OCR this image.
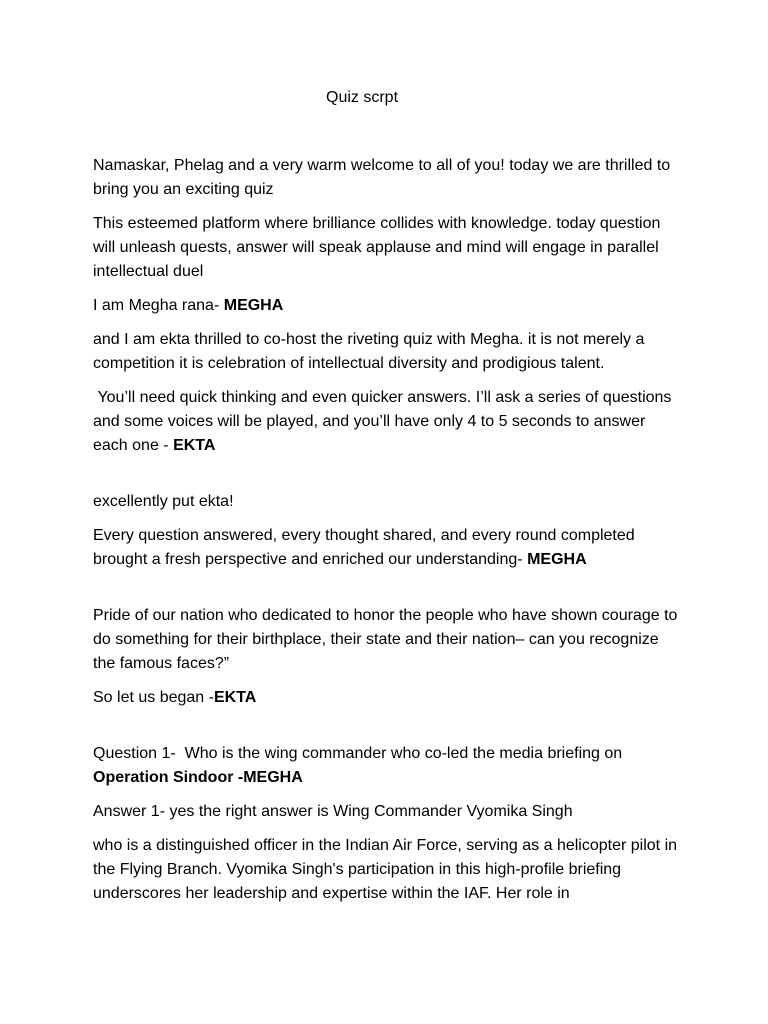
Quiz scrpt

Namaskar, Phelag and a very warm welcome to all of you! today we are thrilled to bring you an exciting quiz

This esteemed platform where brilliance collides with knowledge. today question will unleash quests, answer will speak applause and mind will engage in parallel intellectual duel

I am Megha rana- MEGHA

and I am ekta thrilled to co-host the riveting quiz with Megha. it is not merely a competition it is celebration of intellectual diversity and prodigious talent.

You’ll need quick thinking and even quicker answers. I’ll ask a series of questions and some voices will be played, and you’ll have only 4 to 5 seconds to answer each one - EKTA

excellently put ekta!

Every question answered, every thought shared, and every round completed brought a fresh perspective and enriched our understanding- MEGHA

Pride of our nation who dedicated to honor the people who have shown courage to do something for their birthplace, their state and their nation– can you recognize the famous faces?”

So let us began -EKTA

Question 1-  Who is the wing commander who co-led the media briefing on Operation Sindoor -MEGHA

Answer 1- yes the right answer is Wing Commander Vyomika Singh

who is a distinguished officer in the Indian Air Force, serving as a helicopter pilot in the Flying Branch. Vyomika Singh's participation in this high-profile briefing underscores her leadership and expertise within the IAF. Her role in
